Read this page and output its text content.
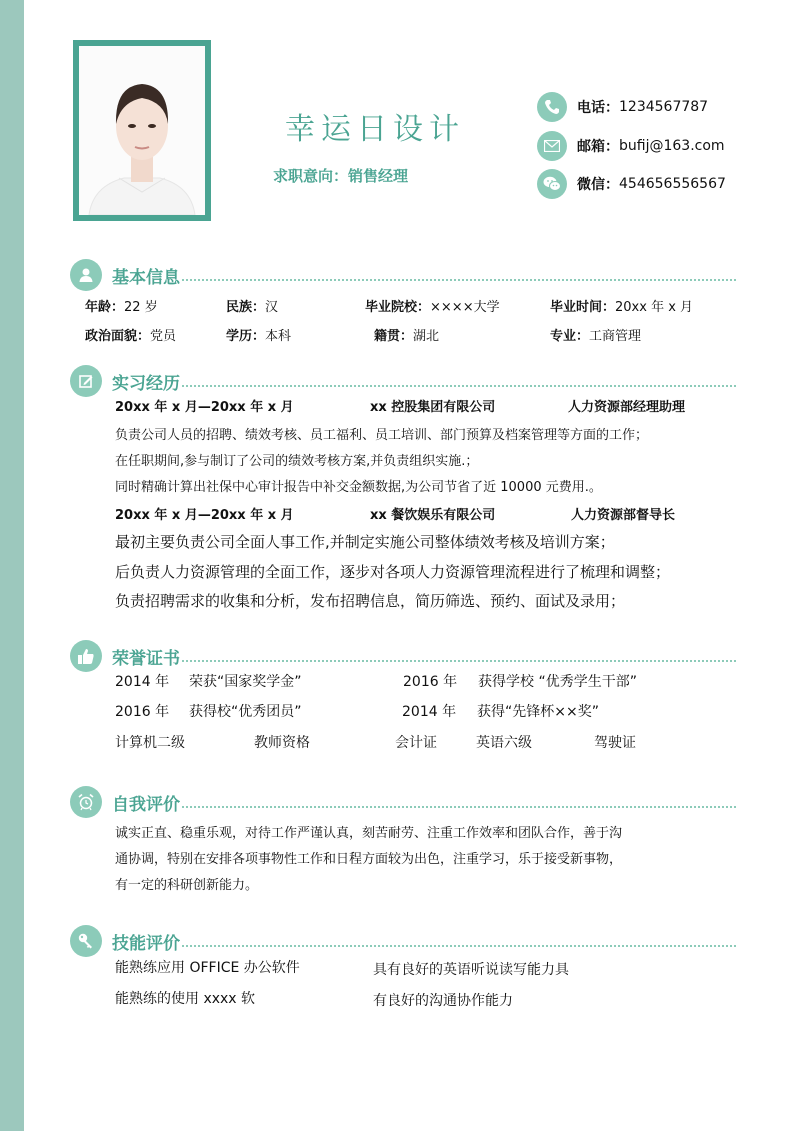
幸运日设计
求职意向：销售经理
电话： 1234567787
邮箱： bufij@163.com
微信： 454656556567
基本信息
年龄：22 岁	民族：汉	毕业院校：××××大学	毕业时间：20xx 年 x 月
政治面貌：党员	学历：本科	籍贯：湖北	专业：工商管理
实习经历
20xx 年 x 月—20xx 年 x 月	xx 控股集团有限公司	人力资源部经理助理
负责公司人员的招聘、绩效考核、员工福利、员工培训、部门预算及档案管理等方面的工作；
在任职期间,参与制订了公司的绩效考核方案,并负责组织实施.；
同时精确计算出社保中心审计报告中补交金额数据,为公司节省了近 10000 元费用.。
20xx 年 x 月—20xx 年 x 月	xx 餐饮娱乐有限公司	人力资源部督导长
最初主要负责公司全面人事工作,并制定实施公司整体绩效考核及培训方案；
后负责人力资源管理的全面工作，逐步对各项人力资源管理流程进行了梳理和调整；
负责招聘需求的收集和分析，发布招聘信息，简历筛选、预约、面试及录用；
荣誉证书
2014 年 荣获“国家奖学金”	2016 年 获得学校 “优秀学生干部”
2016 年 获得校“优秀团员”	2014 年 获得“先锋杯××奖”
计算机二级	教师资格	会计证	英语六级	驾驶证
自我评价
诚实正直、稳重乐观，对待工作严谨认真，刻苦耐劳、注重工作效率和团队合作，善于沟
通协调，特别在安排各项事物性工作和日程方面较为出色，注重学习，乐于接受新事物，
有一定的科研创新能力。
技能评价
能熟练应用 OFFICE 办公软件	具有良好的英语听说读写能力具
能熟练的使用 xxxx 软	有良好的沟通协作能力
